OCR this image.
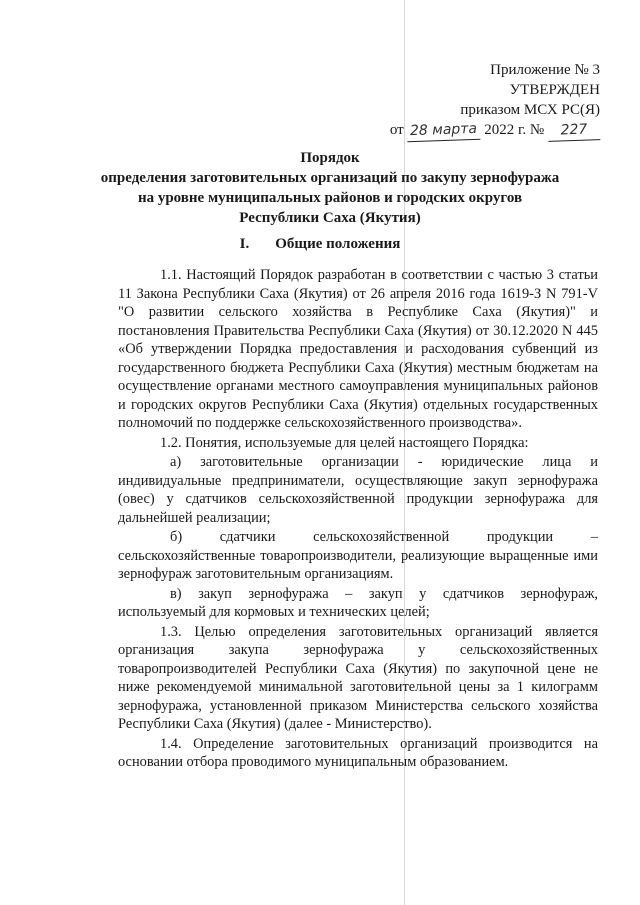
Приложение № 3
УТВЕРЖДЕН
приказом МСХ РС(Я)
от 28 марта 2022 г. № 227
Порядок
определения заготовительных организаций по закупу зернофуража
на уровне муниципальных районов и городских округов
Республики Саха (Якутия)
I. Общие положения

1.1. Настоящий Порядок разработан в соответствии с частью 3 статьи 11 Закона Республики Саха (Якутия) от 26 апреля 2016 года 1619-З N 791-V "О развитии сельского хозяйства в Республике Саха (Якутия)" и постановления Правительства Республики Саха (Якутия) от 30.12.2020 N 445 «Об утверждении Порядка предоставления и расходования субвенций из государственного бюджета Республики Саха (Якутия) местным бюджетам на осуществление органами местного самоуправления муниципальных районов и городских округов Республики Саха (Якутия) отдельных государственных полномочий по поддержке сельскохозяйственного производства».

1.2. Понятия, используемые для целей настоящего Порядка:

а) заготовительные организации - юридические лица и индивидуальные предприниматели, осуществляющие закуп зернофуража (овес) у сдатчиков сельскохозяйственной продукции зернофуража для дальнейшей реализации;

б) сдатчики сельскохозяйственной продукции – сельскохозяйственные товаропроизводители, реализующие выращенные ими зернофураж заготовительным организациям.

в) закуп зернофуража – закуп у сдатчиков зернофураж, используемый для кормовых и технических целей;

1.3. Целью определения заготовительных организаций является организация закупа зернофуража у сельскохозяйственных товаропроизводителей Республики Саха (Якутия) по закупочной цене не ниже рекомендуемой минимальной заготовительной цены за 1 килограмм зернофуража, установленной приказом Министерства сельского хозяйства Республики Саха (Якутия) (далее - Министерство).

1.4. Определение заготовительных организаций производится на основании отбора проводимого муниципальным образованием.
